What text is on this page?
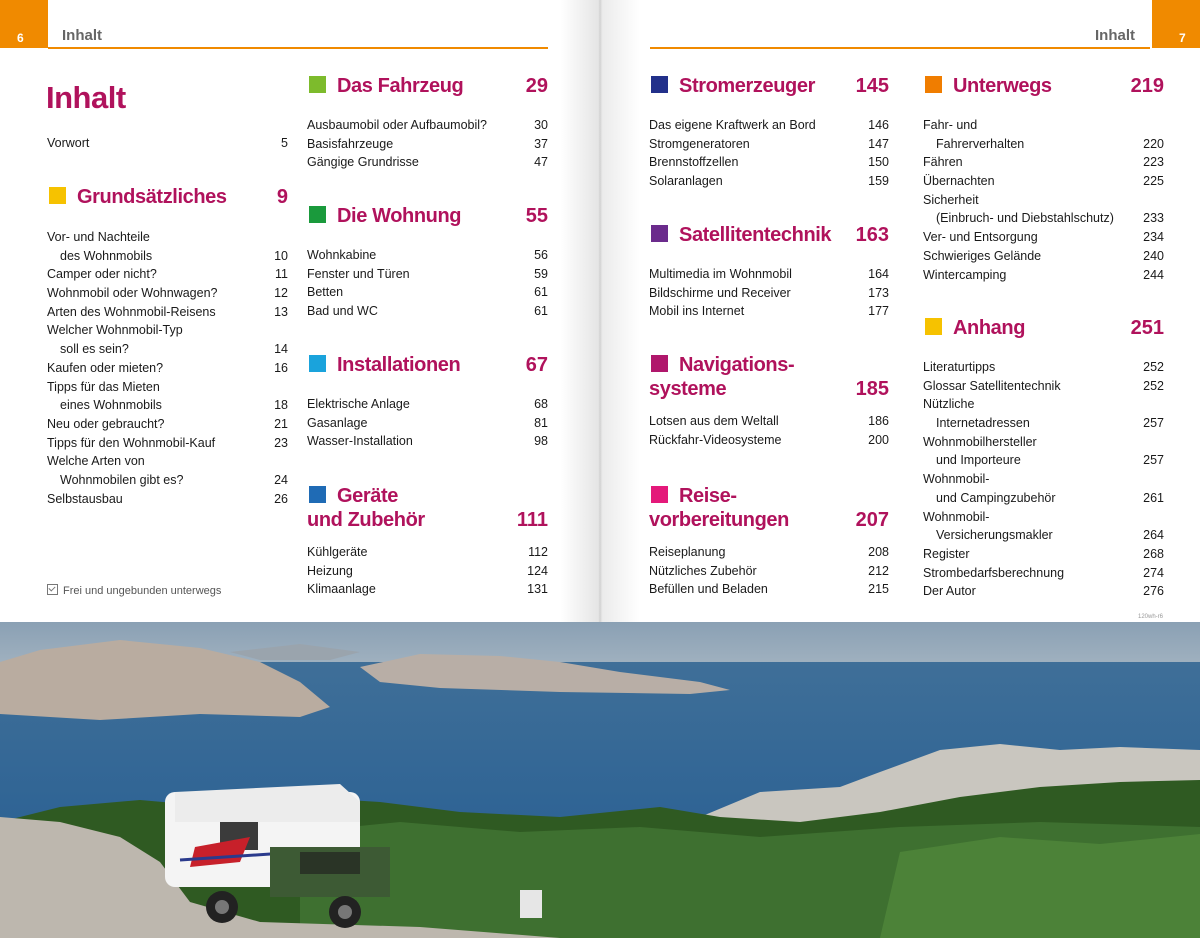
6	Inhalt
Inhalt
Vorwort	5
Grundsätzliches	9
Vor- und Nachteile
des Wohnmobils	10
Camper oder nicht?	11
Wohnmobil oder Wohnwagen?	12
Arten des Wohnmobil-Reisens	13
Welcher Wohnmobil-Typ
soll es sein?	14
Kaufen oder mieten?	16
Tipps für das Mieten
eines Wohnmobils	18
Neu oder gebraucht?	21
Tipps für den Wohnmobil-Kauf	23
Welche Arten von
Wohnmobilen gibt es?	24
Selbstausbau	26
Das Fahrzeug	29
Ausbaumobil oder Aufbaumobil?	30
Basisfahrzeuge	37
Gängige Grundrisse	47
Die Wohnung	55
Wohnkabine	56
Fenster und Türen	59
Betten	61
Bad und WC	61
Installationen	67
Elektrische Anlage	68
Gasanlage	81
Wasser-Installation	98
Geräte
und Zubehör	111
Kühlgeräte	112
Heizung	124
Klimaanlage	131
Frei und ungebunden unterwegs
7
Inhalt
Stromerzeuger 145
Das eigene Kraftwerk an Bord	146
Stromgeneratoren	147
Brennstoffzellen	150
Solaranlagen	159
Satellitentechnik 163
Multimedia im Wohnmobil	164
Bildschirme und Receiver	173
Mobil ins Internet	177
Navigations-
systeme	185
Lotsen aus dem Weltall	186
Rückfahr-Videosysteme	200
Reise-
vorbereitungen	207
Reiseplanung	208
Nützliches Zubehör	212
Befüllen und Beladen	215
Unterwegs	219
Fahr- und
Fahrerverhalten	220
Fähren	223
Übernachten	225
Sicherheit
(Einbruch- und Diebstahlschutz) 233
Ver- und Entsorgung	234
Schwieriges Gelände	240
Wintercamping	244
Anhang	251
Literaturtipps	252
Glossar Satellitentechnik	252
Nützliche
Internetadressen	257
Wohnmobilhersteller
und Importeure	257
Wohnmobil-
und Campingzubehör	261
Wohnmobil-
Versicherungsmakler	264
Register	268
Strombedarfsberechnung	274
Der Autor	276
120wh-r6
